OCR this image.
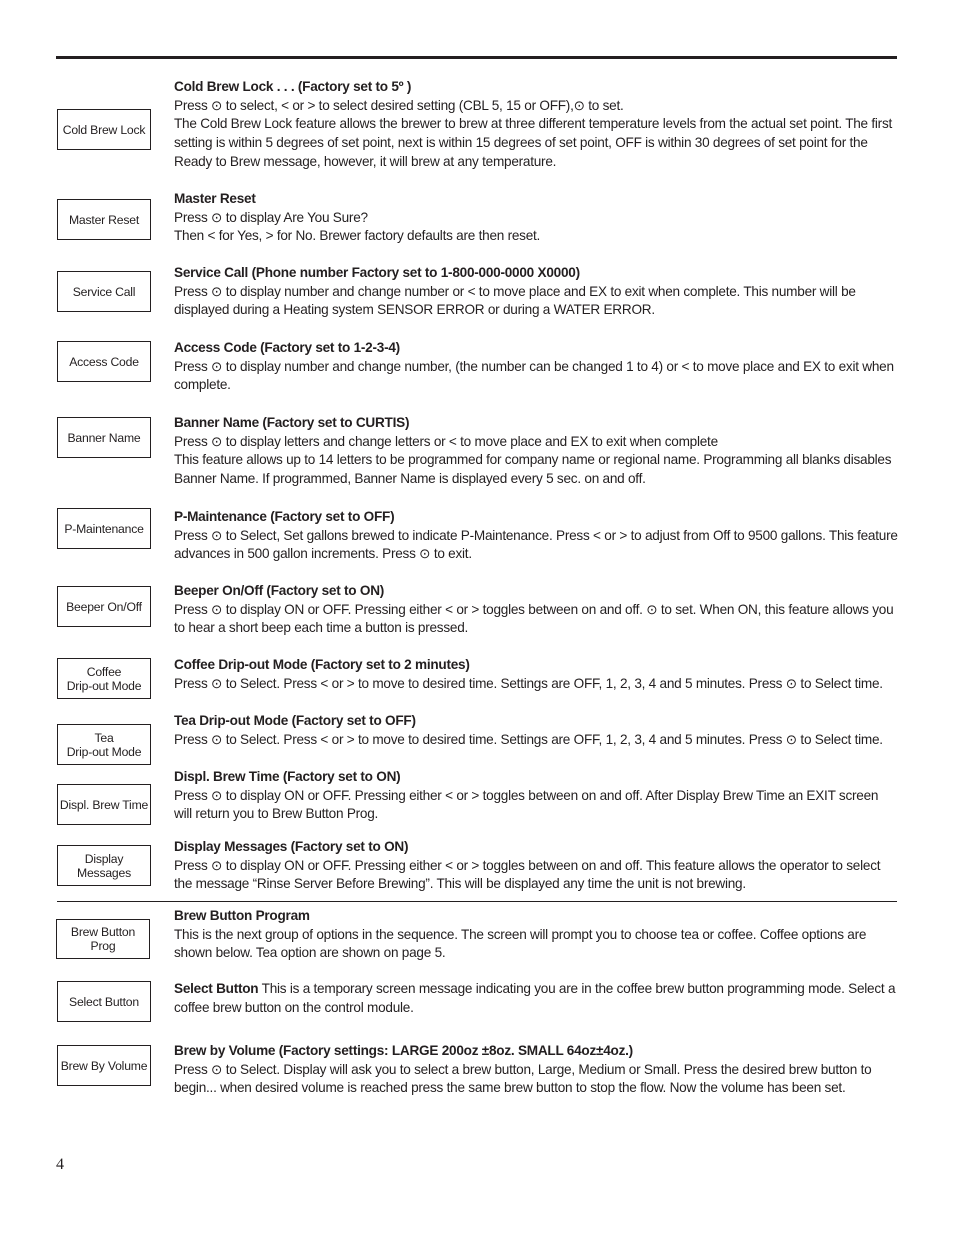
Cold Brew Lock
Cold Brew Lock . . . (Factory set to 5º )
Press ⊙ to select, < or > to select desired setting (CBL 5, 15 or OFF),⊙ to set.
The Cold Brew Lock feature allows the brewer to brew at three different temperature levels from the actual set point. The first setting is within 5 degrees of set point, next is within 15 degrees of set point, OFF is within 30 degrees of set point for the Ready to Brew message, however, it will brew at any temperature.
Master Reset
Master Reset
Press ⊙ to display Are You Sure?
Then < for Yes, > for No. Brewer factory defaults are then reset.
Service Call
Service Call (Phone number Factory set to 1-800-000-0000 X0000)
Press ⊙ to display number and change number or < to move place and EX to exit when complete. This number will be displayed during a Heating system SENSOR ERROR or during a WATER ERROR.
Access Code
Access Code (Factory set to 1-2-3-4)
Press ⊙ to display number and change number, (the number can be changed 1 to 4) or < to move place and EX to exit when complete.
Banner Name
Banner Name (Factory set to CURTIS)
Press ⊙ to display letters and change letters or < to move place and EX to exit when complete
This feature allows up to 14 letters to be programmed for company name or regional name. Programming all blanks disables Banner Name. If programmed, Banner Name is displayed every 5 sec. on and off.
P-Maintenance
P-Maintenance (Factory set to OFF)
Press ⊙ to Select, Set gallons brewed to indicate P-Maintenance. Press < or > to adjust from Off to 9500 gallons. This feature advances in 500 gallon increments. Press ⊙ to exit.
Beeper On/Off
Beeper On/Off (Factory set to ON)
Press ⊙ to display ON or OFF. Pressing either < or > toggles between on and off. ⊙ to set. When ON, this feature allows you to hear a short beep each time a button is pressed.
Coffee
Drip-out Mode
Coffee Drip-out Mode (Factory set to 2 minutes)
Press ⊙ to Select. Press < or > to move to desired time. Settings are OFF, 1, 2, 3, 4 and 5 minutes. Press ⊙ to Select time.
Tea
Drip-out Mode
Tea Drip-out Mode (Factory set to OFF)
Press ⊙ to Select. Press < or > to move to desired time. Settings are OFF, 1, 2, 3, 4 and 5 minutes. Press ⊙ to Select time.
Displ. Brew Time
Displ. Brew Time (Factory set to ON)
Press ⊙ to display ON or OFF. Pressing either < or > toggles between on and off. After Display Brew Time an EXIT screen will return you to Brew Button Prog.
Display Messages
Display Messages (Factory set to ON)
Press ⊙ to display ON or OFF. Pressing either < or > toggles between on and off. This feature allows the operator to select the message “Rinse Server Before Brewing”. This will be displayed any time the unit is not brewing.
Brew Button Prog
Brew Button Program
This is the next group of options in the sequence. The screen will prompt you to choose tea or coffee. Coffee options are shown below. Tea option are shown on page 5.
Select Button
Select Button This is a temporary screen message indicating you are in the coffee brew button programming mode. Select a coffee brew button on the control module.
Brew By Volume
Brew by Volume (Factory settings: LARGE 200oz ±8oz. SMALL 64oz±4oz.)
Press ⊙ to Select. Display will ask you to select a brew button, Large, Medium or Small. Press the desired brew button to begin... when desired volume is reached press the same brew button to stop the flow. Now the volume has been set.
4
